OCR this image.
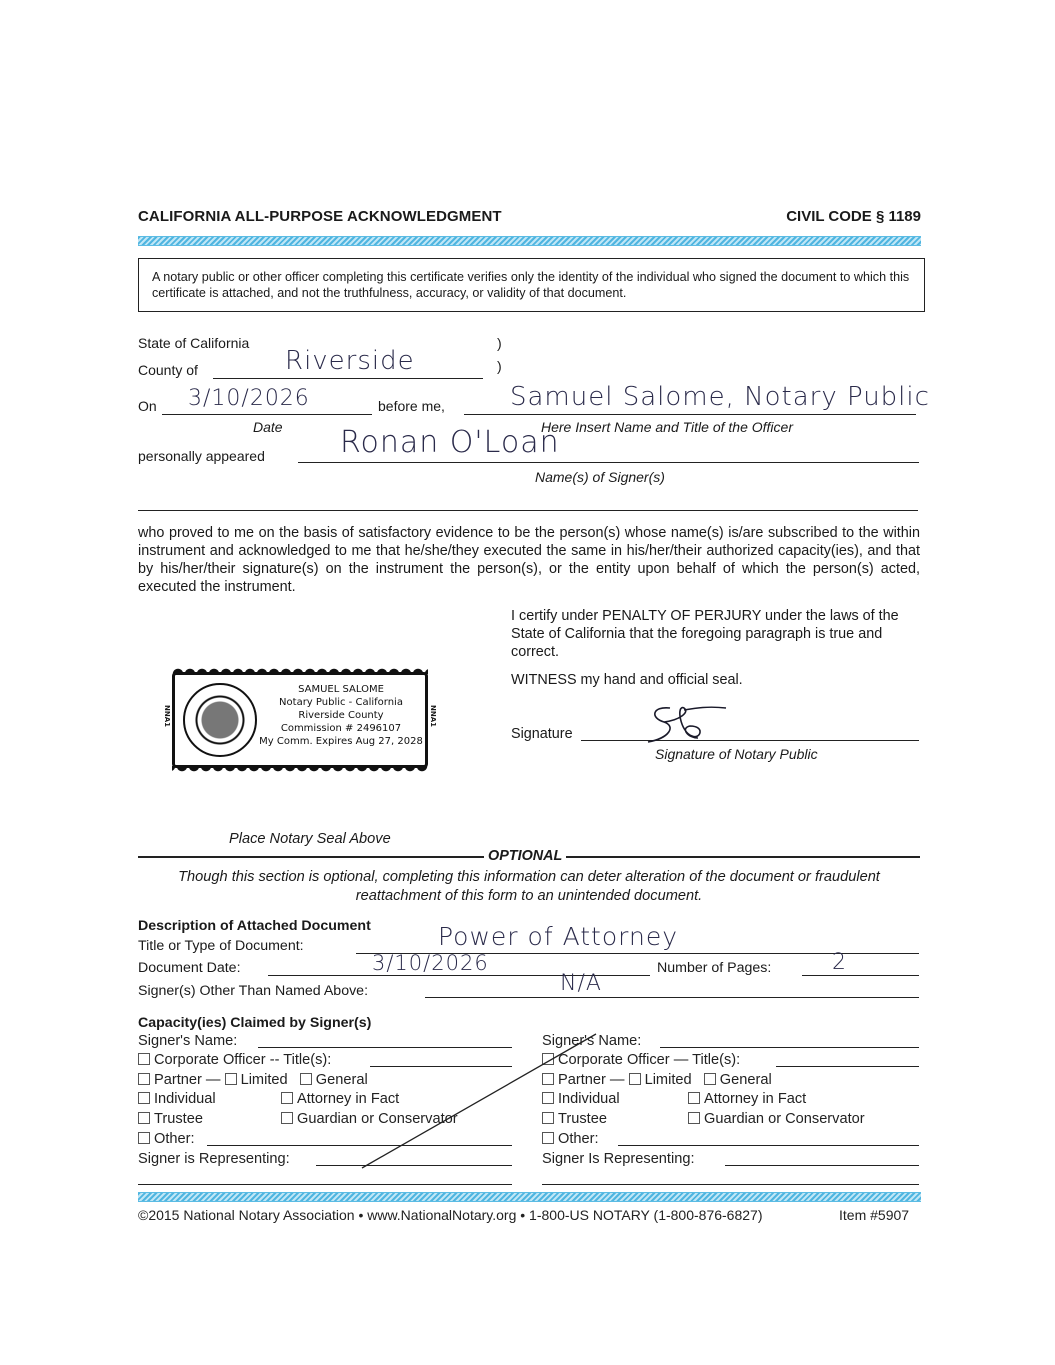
CALIFORNIA ALL-PURPOSE ACKNOWLEDGMENT	CIVIL CODE § 1189
A notary public or other officer completing this certificate verifies only the identity of the individual who signed the document to which this certificate is attached, and not the truthfulness, accuracy, or validity of that document.
State of California	)
County of	Riverside	)
On 3/10/2026	before me,	Samuel Salome, Notary Public
Date	Here Insert Name and Title of the Officer
personally appeared	Ronan O'Loan
Name(s) of Signer(s)
who proved to me on the basis of satisfactory evidence to be the person(s) whose name(s) is/are subscribed to the within instrument and acknowledged to me that he/she/they executed the same in his/her/their authorized capacity(ies), and that by his/her/their signature(s) on the instrument the person(s), or the entity upon behalf of which the person(s) acted, executed the instrument.
I certify under PENALTY OF PERJURY under the laws of the State of California that the foregoing paragraph is true and correct.
WITNESS my hand and official seal.
Signature
Signature of Notary Public
NNA1	NNA1
SAMUEL SALOME
Notary Public - California
Riverside County
Commission # 2496107
My Comm. Expires Aug 27, 2028
Place Notary Seal Above
OPTIONAL
Though this section is optional, completing this information can deter alteration of the document or fraudulent reattachment of this form to an unintended document.
Description of Attached Document
Title or Type of Document:	Power of Attorney
Document Date:	3/10/2026	Number of Pages:	2
Signer(s) Other Than Named Above:	N/A
Capacity(ies) Claimed by Signer(s)
Signer's Name:
Corporate Officer -- Title(s):
Partner — Limited General
Individual	Attorney in Fact
Trustee	Guardian or Conservator
Other:
Signer is Representing:
Signer's Name:
Corporate Officer — Title(s):
Partner — Limited General
Individual	Attorney in Fact
Trustee	Guardian or Conservator
Other:
Signer Is Representing:
©2015 National Notary Association • www.NationalNotary.org • 1-800-US NOTARY (1-800-876-6827)	Item #5907
